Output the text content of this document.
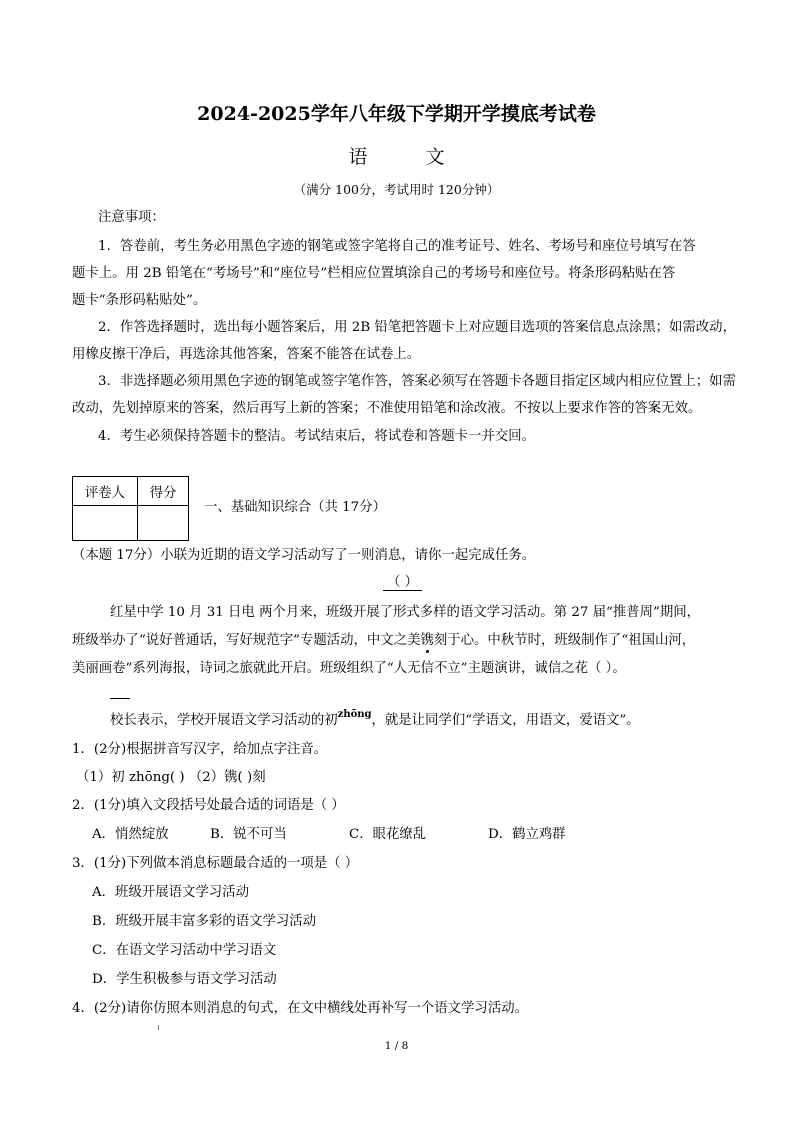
2024-2025学年八年级下学期开学摸底考试卷
语 文
（满分 100分，考试用时 120分钟）
注意事项：
1．答卷前，考生务必用黑色字迹的钢笔或签字笔将自己的准考证号、姓名、考场号和座位号填写在答
题卡上。用 2B 铅笔在“考场号”和“座位号”栏相应位置填涂自己的考场号和座位号。将条形码粘贴在答
题卡“条形码粘贴处”。
2．作答选择题时，选出每小题答案后，用 2B 铅笔把答题卡上对应题目选项的答案信息点涂黑；如需改动，
用橡皮擦干净后，再选涂其他答案，答案不能答在试卷上。
3．非选择题必须用黑色字迹的钢笔或签字笔作答，答案必须写在答题卡各题目指定区域内相应位置上；如需
改动，先划掉原来的答案，然后再写上新的答案；不准使用铅笔和涂改液。不按以上要求作答的答案无效。
4．考生必须保持答题卡的整洁。考试结束后，将试卷和答题卡一并交回。
评卷人	得分

一、基础知识综合（共 17分）
（本题 17分）小联为近期的语文学习活动写了一则消息，请你一起完成任务。
（ ）
红星中学 10 月 31 日电 两个月来，班级开展了形式多样的语文学习活动。第 27 届“推普周”期间，
班级举办了“说好普通话，写好规范字”专题活动，中文之美镌刻于心。中秋节时，班级制作了“祖国山河，
美丽画卷”系列海报，诗词之旅就此开启。班级组织了“人无信不立”主题演讲，诚信之花（ ）。
校长表示，学校开展语文学习活动的初$^{zhōng}$，就是让同学们“学语文，用语文，爱语文”。
1．(2分)根据拼音写汉字，给加点字注音。
（1）初 zhōng( ) （2）镌( )刻
2．(1分)填入文段括号处最合适的词语是（ ）
A．悄然绽放	B．锐不可当	C．眼花缭乱	D．鹤立鸡群
3．(1分)下列做本消息标题最合适的一项是（ ）
A．班级开展语文学习活动
B．班级开展丰富多彩的语文学习活动
C．在语文学习活动中学习语文
D．学生积极参与语文学习活动
4．(2分)请你仿照本则消息的句式，在文中横线处再补写一个语文学习活动。
1 / 8
